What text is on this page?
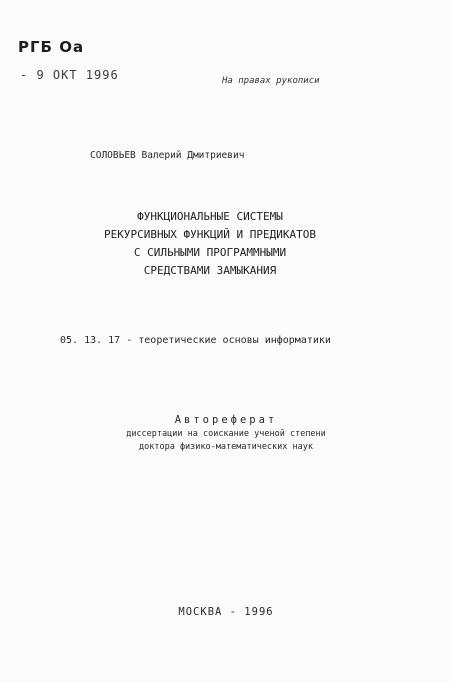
РГБ Оа
- 9 ОКТ 1996	На правах рукописи
СОЛОВЬЕВ Валерий Дмитриевич
ФУНКЦИОНАЛЬНЫЕ СИСТЕМЫ
РЕКУРСИВНЫХ ФУНКЦИЙ И ПРЕДИКАТОВ
С СИЛЬНЫМИ ПРОГРАММНЫМИ
СРЕДСТВАМИ ЗАМЫКАНИЯ
05. 13. 17 - теоретические основы информатики
Автореферат
диссертации на соискание ученой степени
доктора физико-математических наук
МОСКВА - 1996
